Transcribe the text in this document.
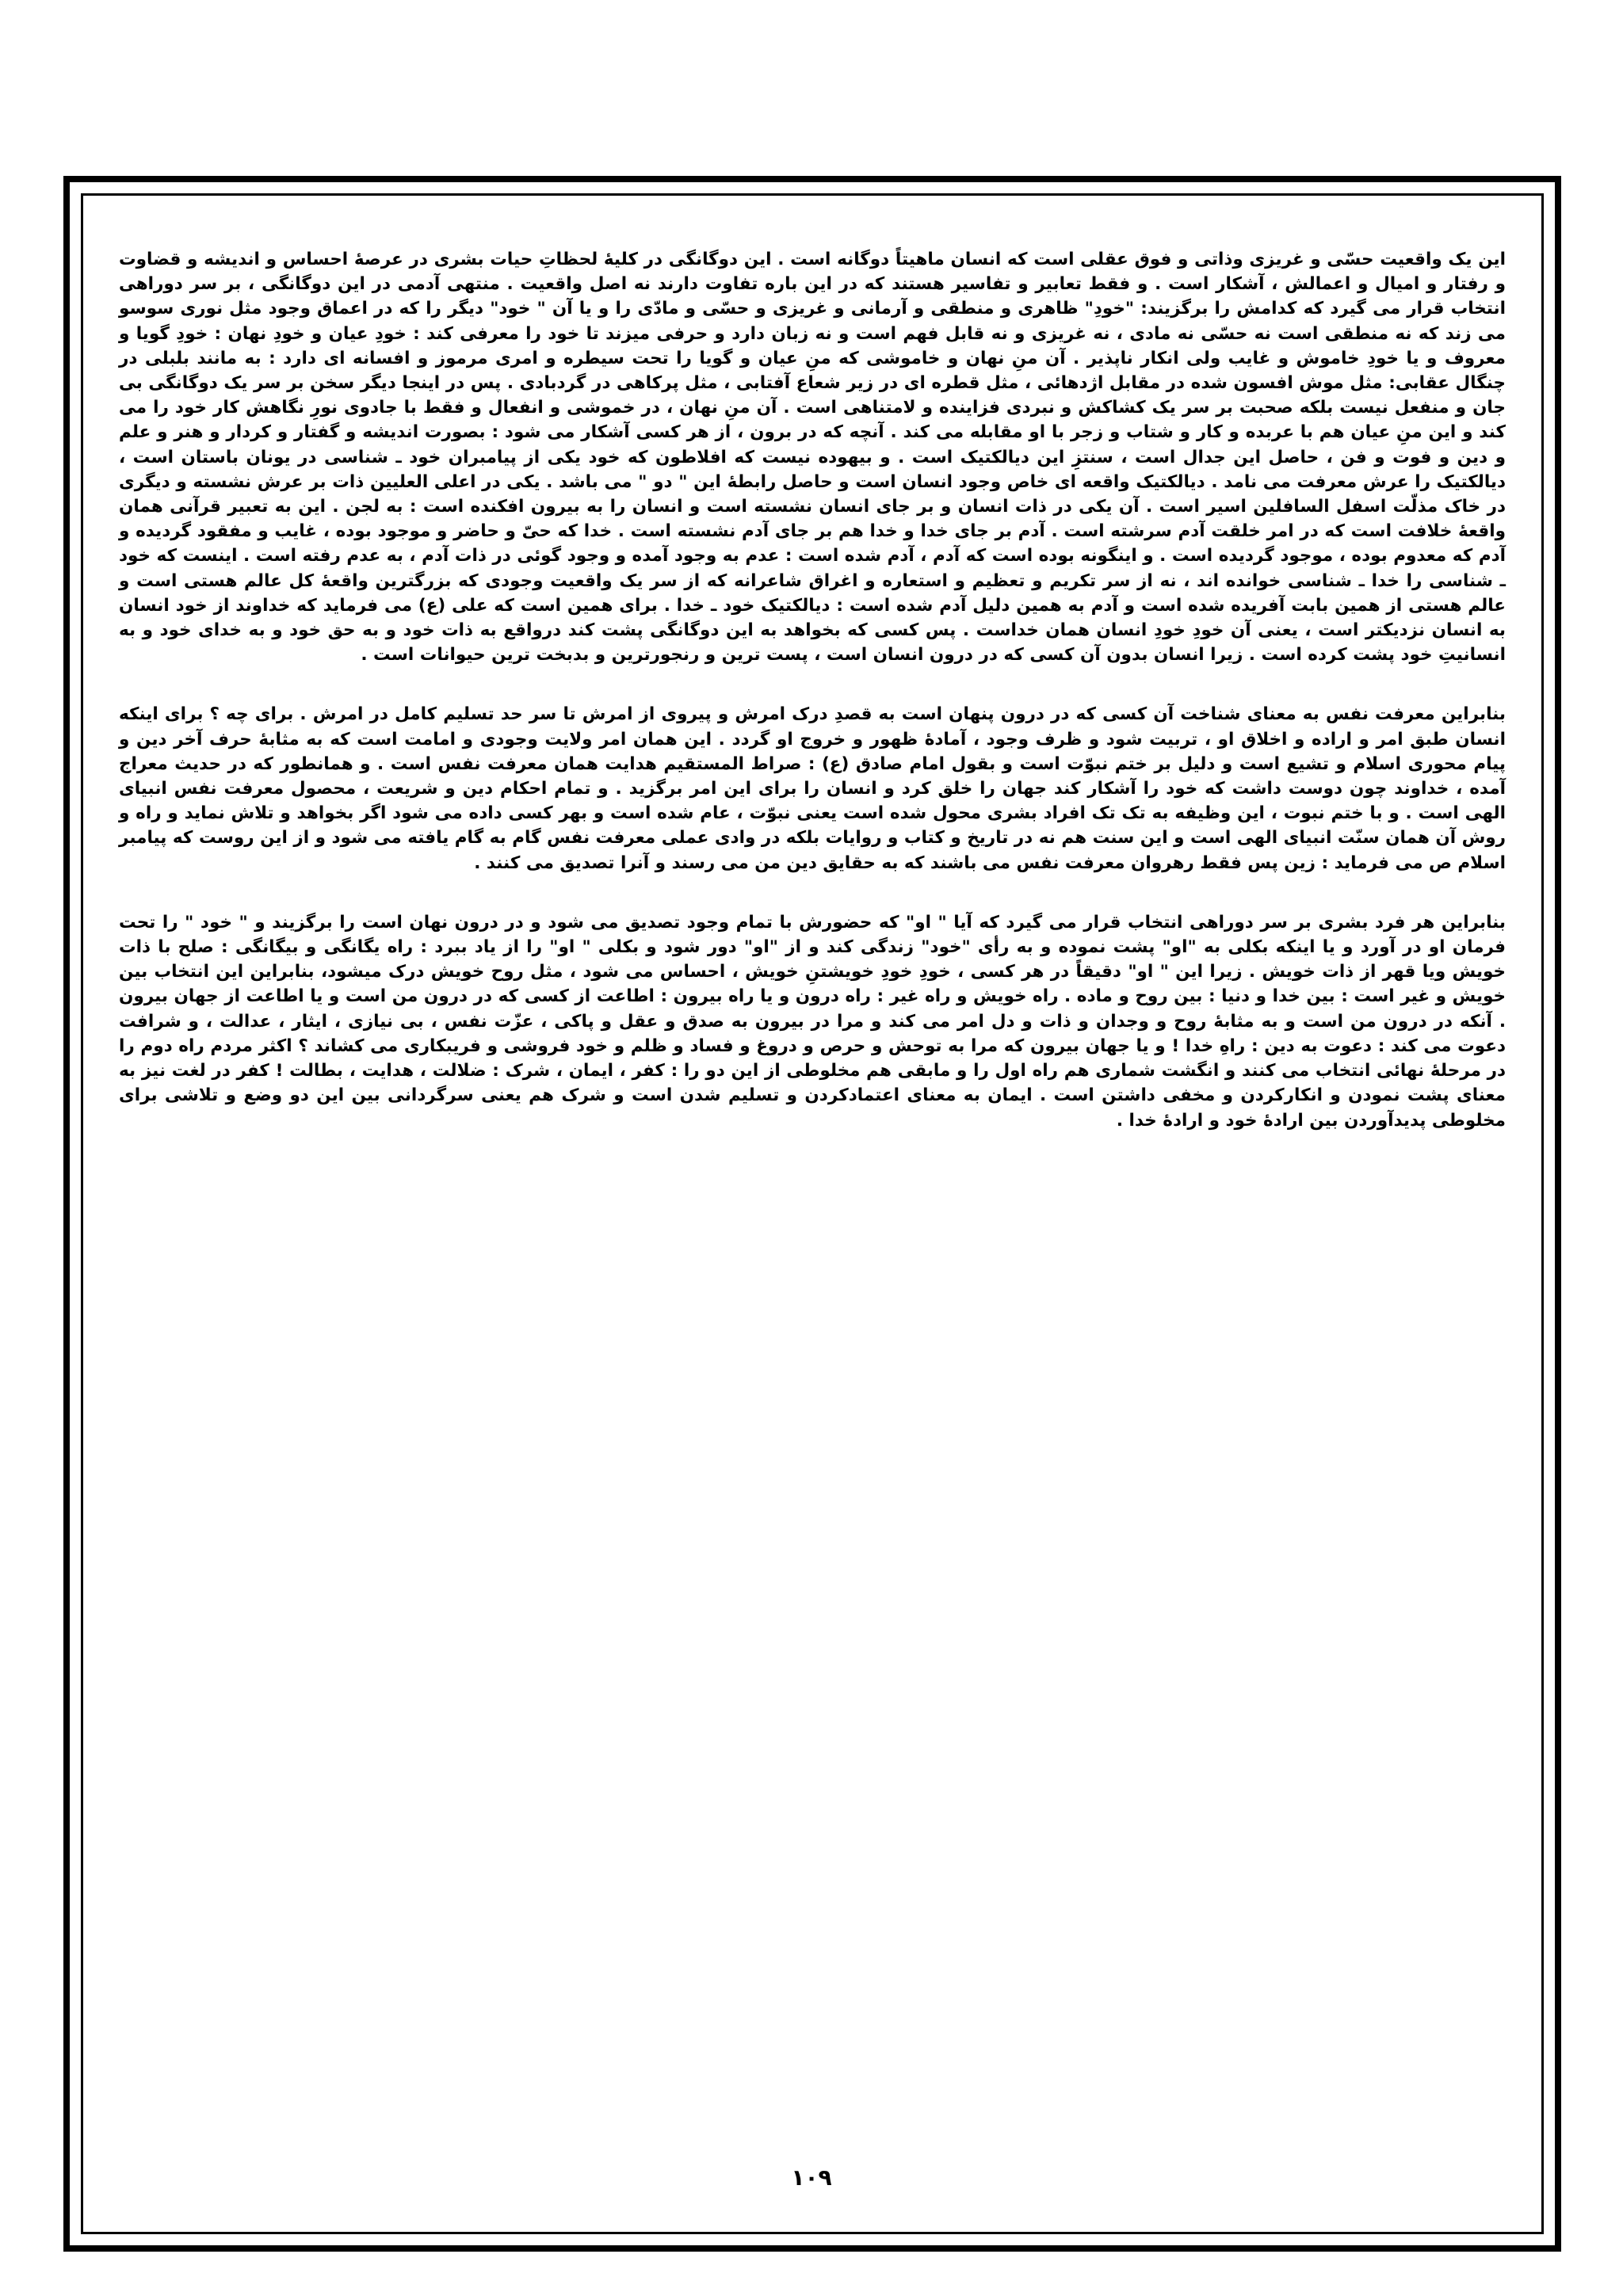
این یک واقعیت حسّی و غریزی وذاتی و فوق عقلی است که انسان ماهیتاً دوگانه است . این دوگانگی در کلیهٔ لحظاتِ حیات بشری در عرصهٔ احساس و اندیشه و قضاوت و رفتار و امیال و اعمالش ، آشکار است . و فقط تعابیر و تفاسیر هستند که در این باره تفاوت دارند نه اصل واقعیت . منتهی آدمی در این دوگانگی ، بر سر دوراهی انتخاب قرار می گیرد که کدامش را برگزیند: "خودِ" ظاهری و منطقی و آرمانی و غریزی و حسّی و مادّی را و یا آن " خود" دیگر را که در اعماق وجود مثل نوری سوسو می زند که نه منطقی است نه حسّی نه مادی ، نه غریزی و نه قابل فهم است و نه زبان دارد و حرفی میزند تا خود را معرفی کند : خودِ عیان و خودِ نهان : خودِ گویا و معروف و یا خودِ خاموش و غایب ولی انکار ناپذیر . آن منِ نهان و خاموشی که منِ عیان و گویا را تحت سیطره و امری مرموز و افسانه ای دارد : به مانند بلبلی در چنگال عقابی: مثل موش افسون شده در مقابل اژدهائی ، مثل قطره ای در زیر شعاع آفتابی ، مثل پرکاهی در گردبادی . پس در اینجا دیگر سخن بر سر یک دوگانگی بی جان و منفعل نیست بلکه صحبت بر سر یک کشاکش و نبردی فزاینده و لامتناهی است . آن منِ نهان ، در خموشی و انفعال و فقط با جادوی نورِ نگاهش کار خود را می کند و این منِ عیان هم با عربده و کار و شتاب و زجر با او مقابله می کند . آنچه که در برون ، از هر کسی آشکار می شود : بصورت اندیشه و گفتار و کردار و هنر و علم و دین و فوت و فن ، حاصل این جدال است ، سنتزِ این دیالکتیک است . و بیهوده نیست که افلاطون که خود یکی از پیامبران خود ـ شناسی در یونان باستان است ، دیالکتیک را عرش معرفت می نامد . دیالکتیک واقعه ای خاص وجود انسان است و حاصل رابطهٔ این " دو " می باشد . یکی در اعلی العلیین ذات بر عرش نشسته و دیگری در خاک مذلّت اسفل السافلین اسیر است . آن یکی در ذات انسان و بر جای انسان نشسته است و انسان را به بیرون افکنده است : به لجن . این به تعبیر قرآنی همان واقعهٔ خلافت است که در امر خلقت آدم سرشته است . آدم بر جای خدا و خدا هم بر جای آدم نشسته است . خدا که حیّ و حاضر و موجود بوده ، غایب و مفقود گردیده و آدم که معدوم بوده ، موجود گردیده است . و اینگونه بوده است که آدم ، آدم شده است : عدم به وجود آمده و وجود گوئی در ذات آدم ، به عدم رفته است . اینست که خود ـ شناسی را خدا ـ شناسی خوانده اند ، نه از سر تکریم و تعظیم و استعاره و اغراق شاعرانه که از سر یک واقعیت وجودی که بزرگترین واقعهٔ کل عالم هستی است و عالم هستی از همین بابت آفریده شده است و آدم به همین دلیل آدم شده است : دیالکتیک خود ـ خدا . برای همین است که علی (ع) می فرماید که خداوند از خود انسان به انسان نزدیکتر است ، یعنی آن خودِ خودِ انسان همان خداست . پس کسی که بخواهد به این دوگانگی پشت کند درواقع به ذات خود و به حق خود و به خدای خود و به انسانیتِ خود پشت کرده است . زیرا انسان بدون آن کسی که در درون انسان است ، پست ترین و رنجورترین و بدبخت ترین حیوانات است .

بنابراین معرفت نفس به معنای شناخت آن کسی که در درون پنهان است به قصدِ درک امرش و پیروی از امرش تا سر حد تسلیم کامل در امرش . برای چه ؟ برای اینکه انسان طبق امر و اراده و اخلاق او ، تربیت شود و ظرف وجود ، آمادهٔ ظهور و خروج او گردد . این همان امر ولایت وجودی و امامت است که به مثابهٔ حرف آخر دین و پیام محوری اسلام و تشیع است و دلیل بر ختم نبوّت است و بقول امام صادق (ع) : صراط المستقیم هدایت همان معرفت نفس است . و همانطور که در حدیث معراج آمده ، خداوند چون دوست داشت که خود را آشکار کند جهان را خلق کرد و انسان را برای این امر برگزید . و تمام احکام دین و شریعت ، محصول معرفت نفس انبیای الهی است . و با ختم نبوت ، این وظیفه به تک تک افراد بشری محول شده است یعنی نبوّت ، عام شده است و بهر کسی داده می شود اگر بخواهد و تلاش نماید و راه و روش آن همان سنّت انبیای الهی است و این سنت هم نه در تاریخ و کتاب و روایات بلکه در وادی عملی معرفت نفس گام به گام یافته می شود و از این روست که پیامبر اسلام ص می فرماید : زین پس فقط رهروان معرفت نفس می باشند که به حقایق دین من می رسند و آنرا تصدیق می کنند .

بنابراین هر فرد بشری بر سر دوراهی انتخاب قرار می گیرد که آیا " او" که حضورش با تمام وجود تصدیق می شود و در درون نهان است را برگزیند و " خود " را تحت فرمان او در آورد و یا اینکه بکلی به "او" پشت نموده و به رأی "خود" زندگی کند و از "او" دور شود و بکلی " او" را از یاد ببرد : راه یگانگی و بیگانگی : صلح با ذات خویش ویا قهر از ذات خویش . زیرا این " او" دقیقاً در هر کسی ، خودِ خودِ خویشتنِ خویش ، احساس می شود ، مثل روح خویش درک میشود، بنابراین این انتخاب بین خویش و غیر است : بین خدا و دنیا : بین روح و ماده . راه خویش و راه غیر : راه درون و یا راه بیرون : اطاعت از کسی که در درون من است و یا اطاعت از جهان بیرون . آنکه در درون من است و به مثابهٔ روح و وجدان و ذات و دل امر می کند و مرا در بیرون به صدق و عقل و پاکی ، عزّت نفس ، بی نیازی ، ایثار ، عدالت ، و شرافت دعوت می کند : دعوت به دین : راهِ خدا ! و یا جهان بیرون که مرا به توحش و حرص و دروغ و فساد و ظلم و خود فروشی و فریبکاری می کشاند ؟ اکثر مردم راه دوم را در مرحلهٔ نهائی انتخاب می کنند و انگشت شماری هم راه اول را و مابقی هم مخلوطی از این دو را : کفر ، ایمان ، شرک : ضلالت ، هدایت ، بطالت ! کفر در لغت نیز به معنای پشت نمودن و انکارکردن و مخفی داشتن است . ایمان به معنای اعتمادکردن و تسلیم شدن است و شرک هم یعنی سرگردانی بین این دو وضع و تلاشی برای مخلوطی پدیدآوردن بین ارادهٔ خود و ارادهٔ خدا .

۱۰۹
